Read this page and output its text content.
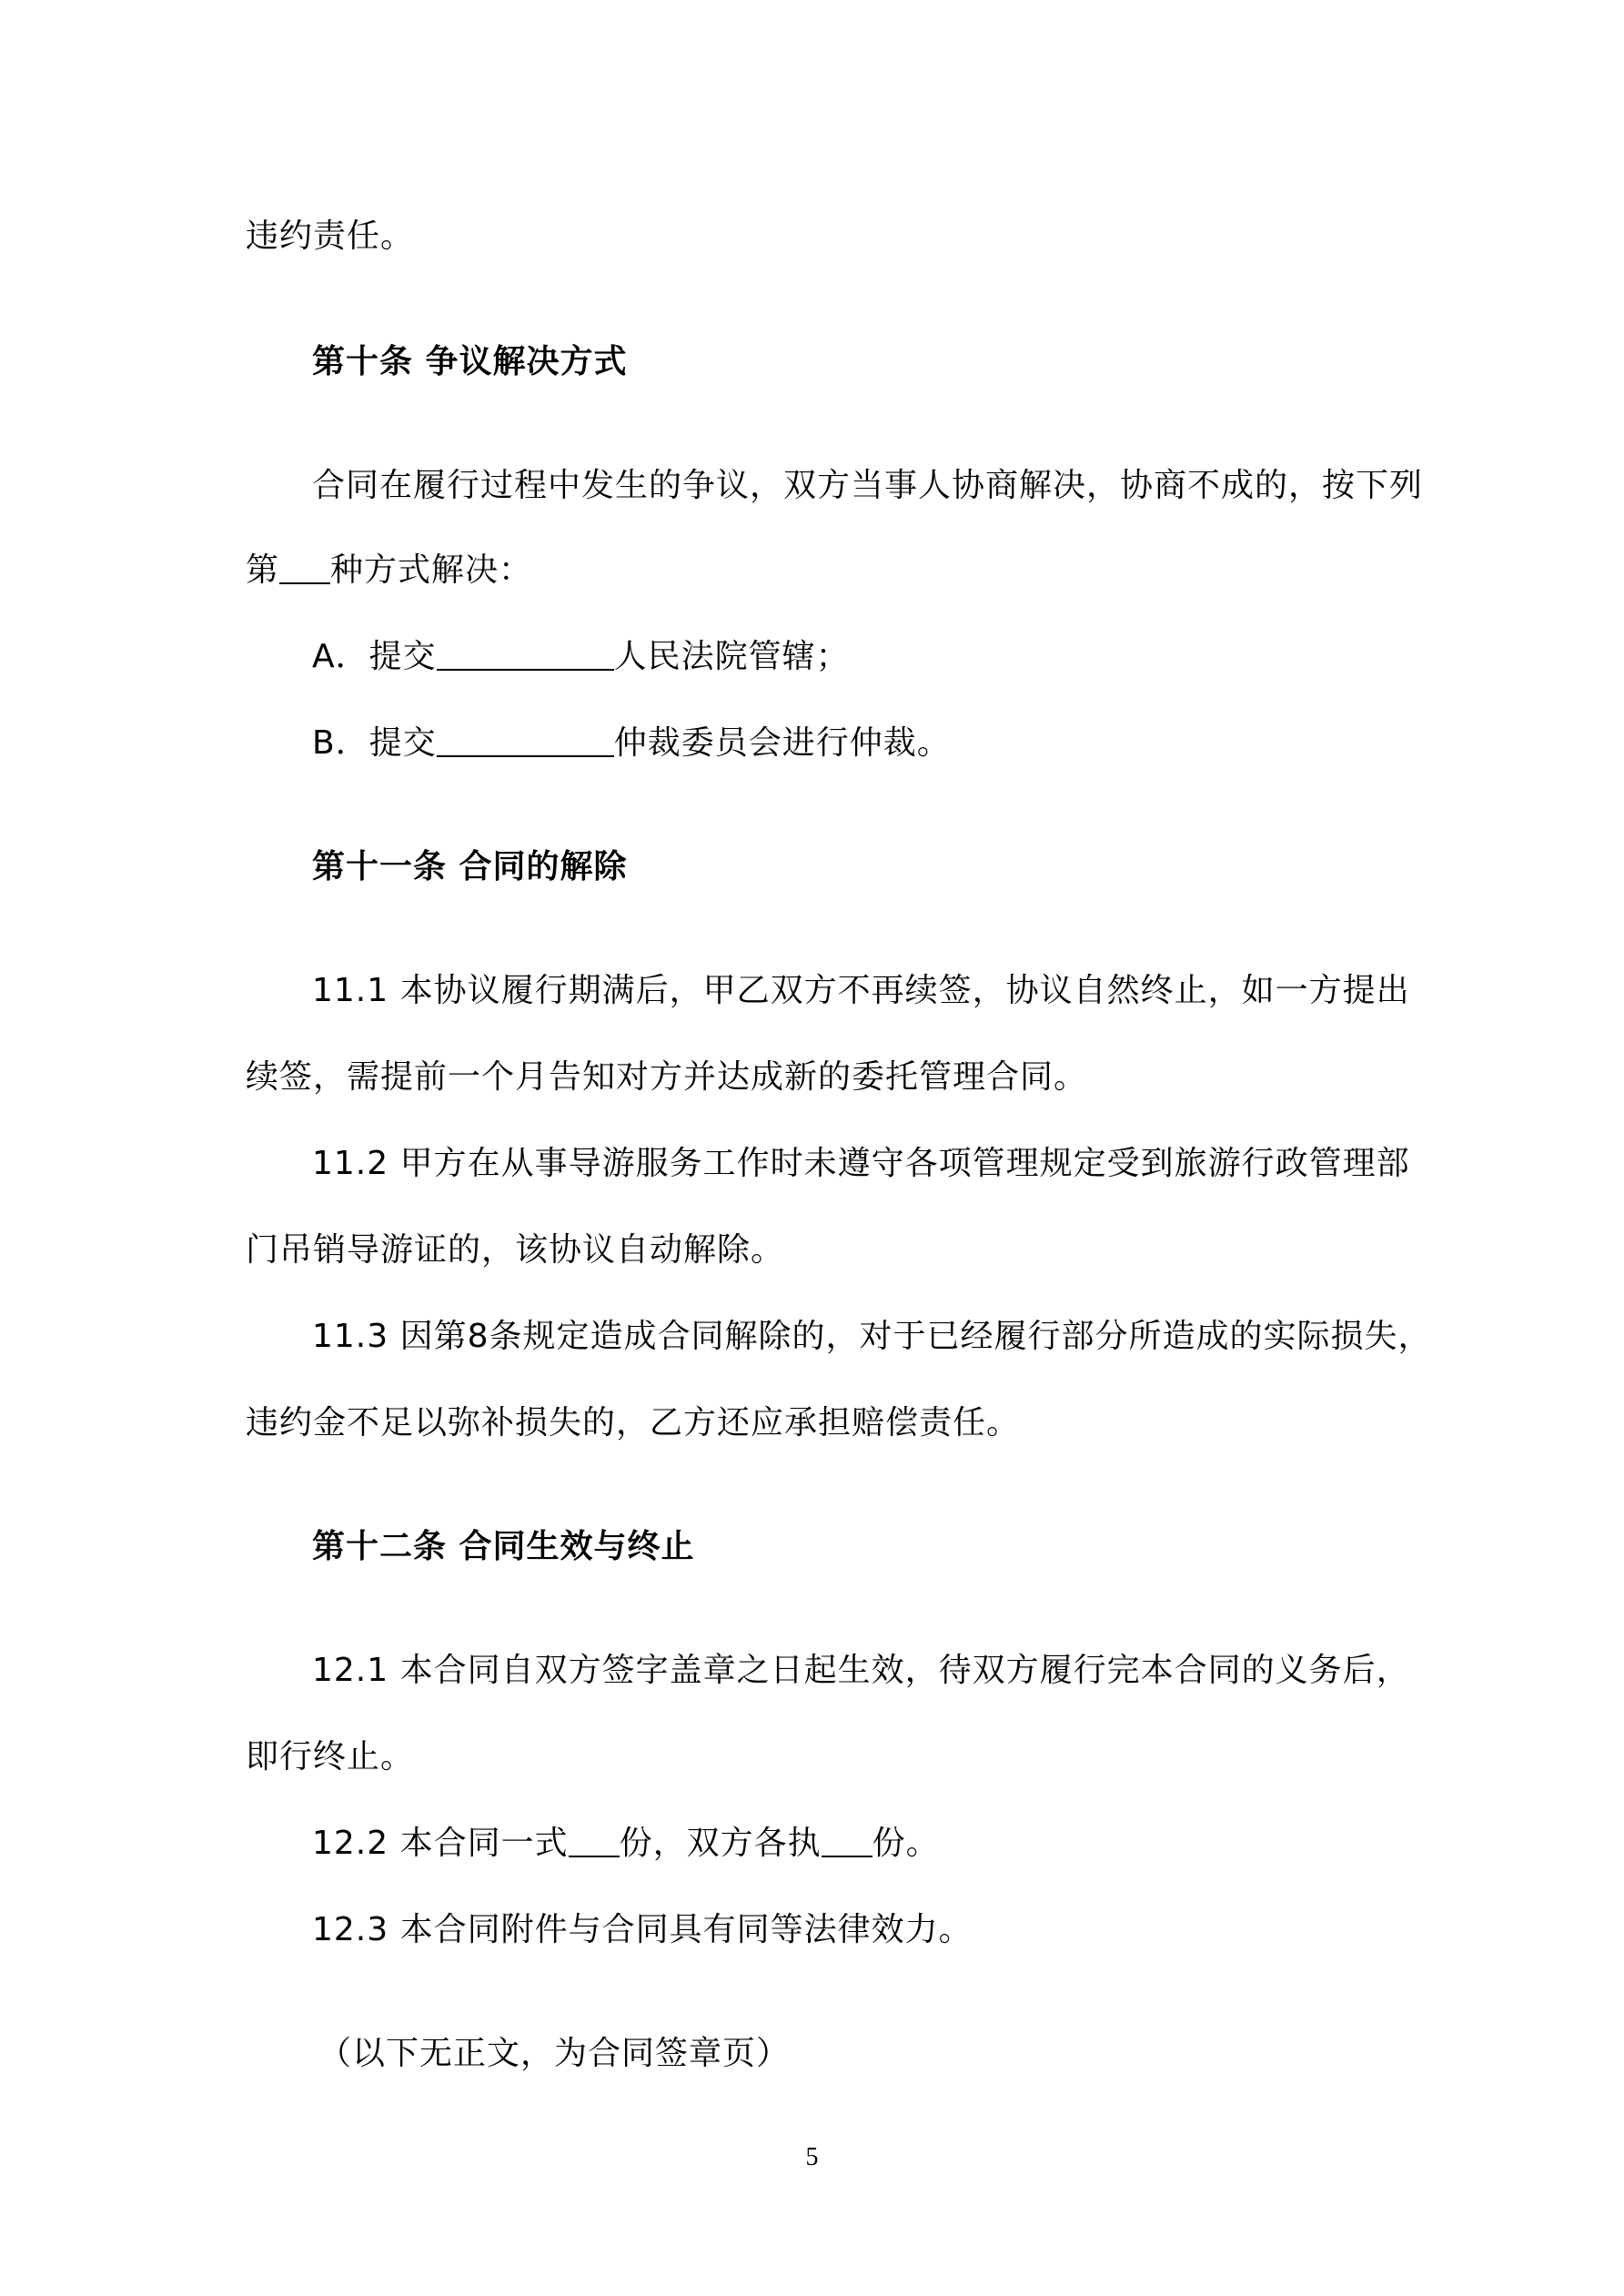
违约责任。
第十条 争议解决方式
合同在履行过程中发生的争议，双方当事人协商解决，协商不成的，按下列
第 种方式解决：
A．提交	人民法院管辖；
B．提交	仲裁委员会进行仲裁。
第十一条 合同的解除
11.1 本协议履行期满后，甲乙双方不再续签，协议自然终止，如一方提出
续签，需提前一个月告知对方并达成新的委托管理合同。
11.2 甲方在从事导游服务工作时未遵守各项管理规定受到旅游行政管理部
门吊销导游证的，该协议自动解除。
11.3 因第8条规定造成合同解除的，对于已经履行部分所造成的实际损失，
违约金不足以弥补损失的，乙方还应承担赔偿责任。
第十二条 合同生效与终止
12.1 本合同自双方签字盖章之日起生效，待双方履行完本合同的义务后，
即行终止。
12.2 本合同一式 份，双方各执 份。
12.3 本合同附件与合同具有同等法律效力。
（以下无正文，为合同签章页）
5
